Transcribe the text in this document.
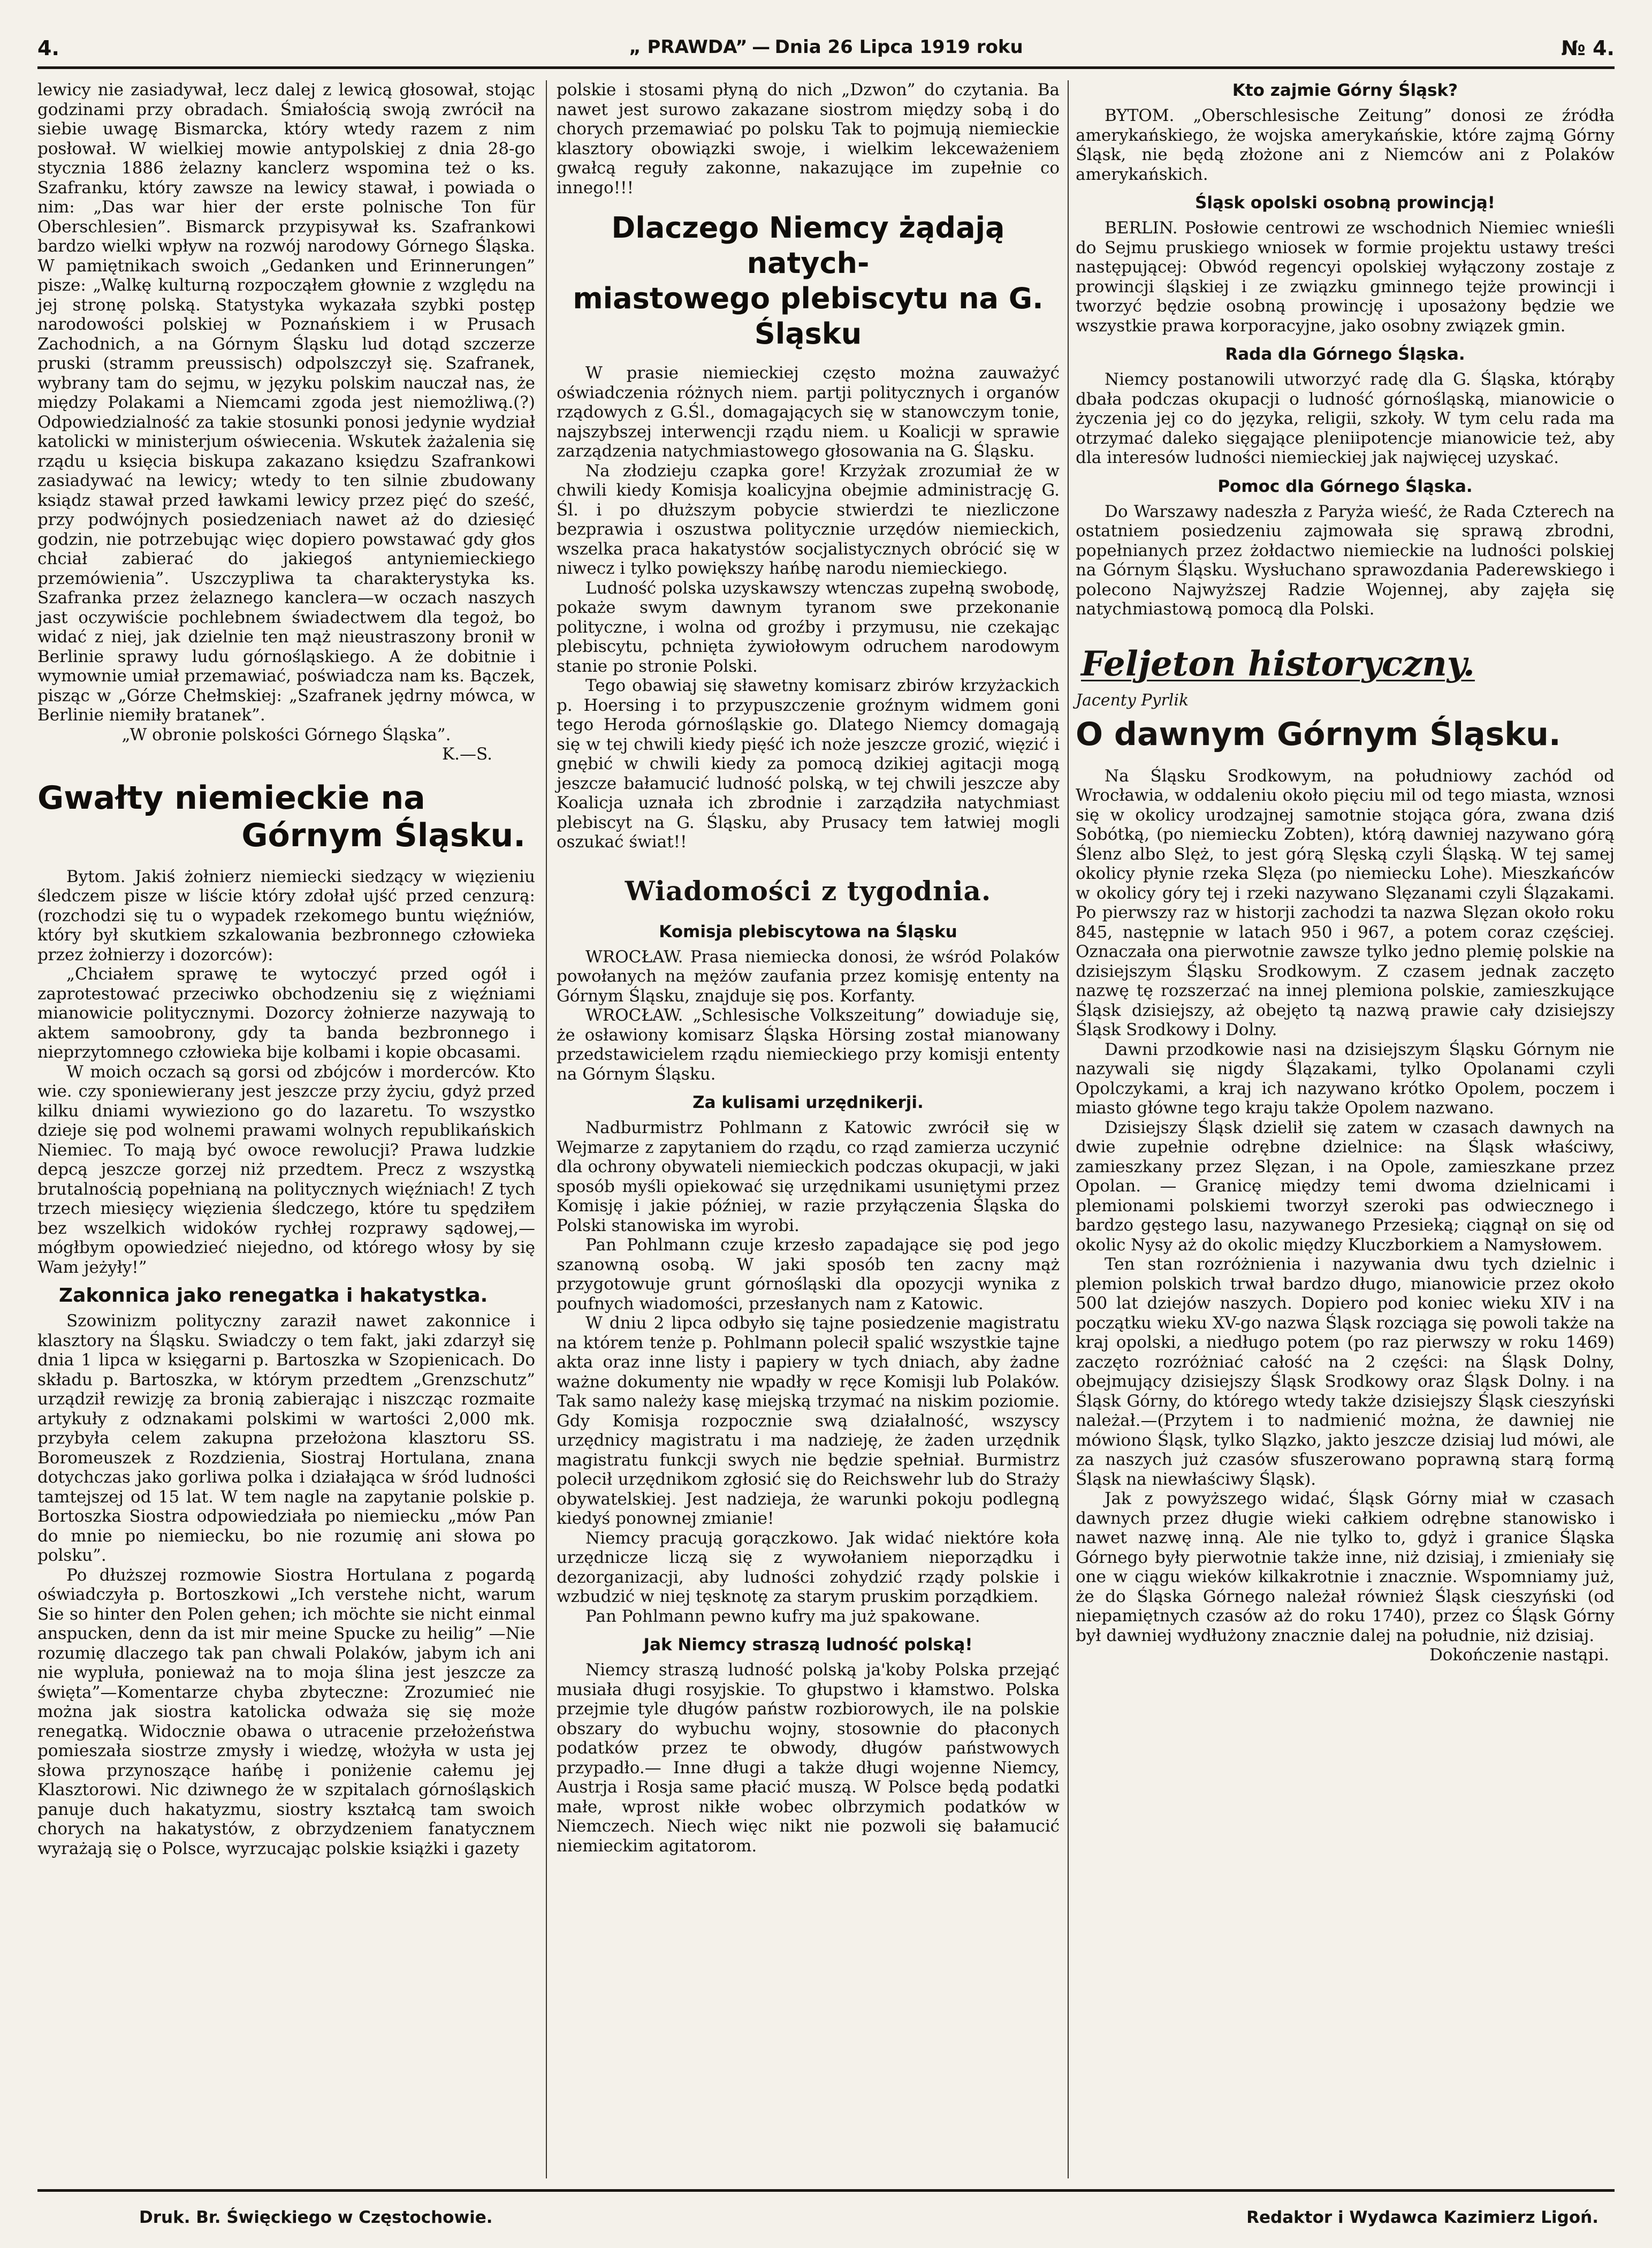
4.	„ PRAWDA” — Dnia 26 Lipca 1919 roku	№ 4.

lewicy nie zasiadywał, lecz dalej z lewicą głosował, stojąc godzinami przy obradach. Śmiałością swoją zwrócił na siebie uwagę Bismarcka, który wtedy razem z nim posłował. W wielkiej mowie antypolskiej z dnia 28-go stycznia 1886 żelazny kanclerz wspomina też o ks. Szafranku, który zawsze na lewicy stawał, i powiada o nim: „Das war hier der erste polnische Ton für Oberschlesien”. Bismarck przypisywał ks. Szafrankowi bardzo wielki wpływ na rozwój narodowy Górnego Śląska. W pamiętnikach swoich „Gedanken und Erinnerungen” pisze: „Walkę kulturną rozpocząłem głownie z względu na jej stronę polską. Statystyka wykazała szybki postęp narodowości polskiej w Poznańskiem i w Prusach Zachodnich, a na Górnym Śląsku lud dotąd szczerze pruski (stramm preussisch) odpolszczył się. Szafranek, wybrany tam do sejmu, w języku polskim nauczał nas, że między Polakami a Niemcami zgoda jest niemożliwą.(?) Odpowiedzialność za takie stosunki ponosi jedynie wydział katolicki w ministerjum oświecenia. Wskutek żażalenia się rządu u księcia biskupa zakazano księdzu Szafrankowi zasiadywać na lewicy; wtedy to ten silnie zbudowany ksiądz stawał przed ławkami lewicy przez pięć do sześć, przy podwójnych posiedzeniach nawet aż do dziesięć godzin, nie potrzebując więc dopiero powstawać gdy głos chciał zabierać do jakiegoś antyniemieckiego przemówienia”. Uszczypliwa ta charakterystyka ks. Szafranka przez żelaznego kanclera—w oczach naszych jast oczywiście pochlebnem świadectwem dla tegoż, bo widać z niej, jak dzielnie ten mąż nieustraszony bronił w Berlinie sprawy ludu górnośląskiego. A że dobitnie i wymownie umiał przemawiać, poświadcza nam ks. Bączek, pisząc w „Górze Chełmskiej: „Szafranek jędrny mówca, w Berlinie niemiły bratanek”.

„W obronie polskości Górnego Śląska”.

K.—S.

Gwałty niemieckie na
Górnym Śląsku.

Bytom. Jakiś żołnierz niemiecki siedzący w więzieniu śledczem pisze w liście który zdołał ujść przed cenzurą: (rozchodzi się tu o wypadek rzekomego buntu więźniów, który był skutkiem szkalowania bezbronnego człowieka przez żołnierzy i dozorców):

„Chciałem sprawę te wytoczyć przed ogół i zaprotestować przeciwko obchodzeniu się z więźniami mianowicie politycznymi. Dozorcy żołnierze nazywają to aktem samoobrony, gdy ta banda bezbronnego i nieprzytomnego człowieka bije kolbami i kopie obcasami.

W moich oczach są gorsi od zbójców i morderców. Kto wie. czy sponiewierany jest jeszcze przy życiu, gdyż przed kilku dniami wywieziono go do lazaretu. To wszystko dzieje się pod wolnemi prawami wolnych republikańskich Niemiec. To mają być owoce rewolucji? Prawa ludzkie depcą jeszcze gorzej niż przedtem. Precz z wszystką brutalnością popełnianą na politycznych więźniach! Z tych trzech miesięcy więzienia śledczego, które tu spędziłem bez wszelkich widoków rychłej rozprawy sądowej,—mógłbym opowiedzieć niejedno, od którego włosy by się Wam jeżyły!”

Zakonnica jako renegatka i hakatystka.

Szowinizm polityczny zaraził nawet zakonnice i klasztory na Śląsku. Swiadczy o tem fakt, jaki zdarzył się dnia 1 lipca w księgarni p. Bartoszka w Szopienicach. Do składu p. Bartoszka, w którym przedtem „Grenzschutz” urządził rewizję za bronią zabierając i niszcząc rozmaite artykuły z odznakami polskimi w wartości 2,000 mk. przybyła celem zakupna przełożona klasztoru SS. Boromeuszek z Rozdzienia, Siostraj Hortulana, znana dotychczas jako gorliwa polka i działająca w śród ludności tamtejszej od 15 lat. W tem nagle na zapytanie polskie p. Bortoszka Siostra odpowiedziała po niemiecku „mów Pan do mnie po niemiecku, bo nie rozumię ani słowa po polsku”.

Po dłuższej rozmowie Siostra Hortulana z pogardą oświadczyła p. Bortoszkowi „Ich verstehe nicht, warum Sie so hinter den Polen gehen; ich möchte sie nicht einmal anspucken, denn da ist mir meine Spucke zu heilig” —Nie rozumię dlaczego tak pan chwali Polaków, jabym ich ani nie wypluła, ponieważ na to moja ślina jest jeszcze za święta”—Komentarze chyba zbyteczne: Zrozumieć nie można jak siostra katolicka odważa się się może renegatką. Widocznie obawa o utracenie przełożeństwa pomieszała siostrze zmysły i wiedzę, włożyła w usta jej słowa przynoszące hańbę i poniżenie całemu jej Klasztorowi. Nic dziwnego że w szpitalach górnośląskich panuje duch hakatyzmu, siostry kształcą tam swoich chorych na hakatystów, z obrzydzeniem fanatycznem wyrażają się o Polsce, wyrzucając polskie książki i gazety

polskie i stosami płyną do nich „Dzwon” do czytania. Ba nawet jest surowo zakazane siostrom między sobą i do chorych przemawiać po polsku Tak to pojmują niemieckie klasztory obowiązki swoje, i wielkim lekceważeniem gwałcą reguły zakonne, nakazujące im zupełnie co innego!!!

Dlaczego Niemcy żądają natych-
miastowego plebiscytu na G. Śląsku

W prasie niemieckiej często można zauważyć oświadczenia różnych niem. partji politycznych i organów rządowych z G.Śl., domagających się w stanowczym tonie, najszybszej interwencji rządu niem. u Koalicji w sprawie zarządzenia natychmiastowego głosowania na G. Śląsku.

Na złodzieju czapka gore! Krzyżak zrozumiał że w chwili kiedy Komisja koalicyjna obejmie administrację G. Śl. i po dłuższym pobycie stwierdzi te niezliczone bezprawia i oszustwa politycznie urzędów niemieckich, wszelka praca hakatystów socjalistycznych obrócić się w niwecz i tylko powiększy hańbę narodu niemieckiego.

Ludność polska uzyskawszy wtenczas zupełną swobodę, pokaże swym dawnym tyranom swe przekonanie polityczne, i wolna od groźby i przymusu, nie czekając plebiscytu, pchnięta żywiołowym odruchem narodowym stanie po stronie Polski.

Tego obawiaj się sławetny komisarz zbirów krzyżackich p. Hoersing i to przypuszczenie groźnym widmem goni tego Heroda górnośląskie go. Dlatego Niemcy domagają się w tej chwili kiedy pięść ich noże jeszcze grozić, więzić i gnębić w chwili kiedy za pomocą dzikiej agitacji mogą jeszcze bałamucić ludność polską, w tej chwili jeszcze aby Koalicja uznała ich zbrodnie i zarządziła natychmiast plebiscyt na G. Śląsku, aby Prusacy tem łatwiej mogli oszukać świat!!

Wiadomości z tygodnia.
Komisja plebiscytowa na Śląsku

WROCŁAW. Prasa niemiecka donosi, że wśród Polaków powołanych na mężów zaufania przez komisję ententy na Górnym Śląsku, znajduje się pos. Korfanty.

WROCŁAW. „Schlesische Volkszeitung” dowiaduje się, że osławiony komisarz Śląska Hörsing został mianowany przedstawicielem rządu niemieckiego przy komisji ententy na Górnym Śląsku.

Za kulisami urzędnikerji.

Nadburmistrz Pohlmann z Katowic zwrócił się w Wejmarze z zapytaniem do rządu, co rząd zamierza uczynić dla ochrony obywateli niemieckich podczas okupacji, w jaki sposób myśli opiekować się urzędnikami usuniętymi przez Komisję i jakie później, w razie przyłączenia Śląska do Polski stanowiska im wyrobi.

Pan Pohlmann czuje krzesło zapadające się pod jego szanowną osobą. W jaki sposób ten zacny mąż przygotowuje grunt górnośląski dla opozycji wynika z poufnych wiadomości, przesłanych nam z Katowic.

W dniu 2 lipca odbyło się tajne posiedzenie magistratu na którem tenże p. Pohlmann polecił spalić wszystkie tajne akta oraz inne listy i papiery w tych dniach, aby żadne ważne dokumenty nie wpadły w ręce Komisji lub Polaków. Tak samo należy kasę miejską trzymać na niskim poziomie. Gdy Komisja rozpocznie swą działalność, wszyscy urzędnicy magistratu i ma nadzieję, że żaden urzędnik magistratu funkcji swych nie będzie spełniał. Burmistrz polecił urzędnikom zgłosić się do Reichswehr lub do Straży obywatelskiej. Jest nadzieja, że warunki pokoju podlegną kiedyś ponownej zmianie!

Niemcy pracują gorączkowo. Jak widać niektóre koła urzędnicze liczą się z wywołaniem nieporządku i dezorganizacji, aby ludności zohydzić rządy polskie i wzbudzić w niej tęsknotę za starym pruskim porządkiem.

Pan Pohlmann pewno kufry ma już spakowane.

Jak Niemcy straszą ludność polską!

Niemcy straszą ludność polską ja'koby Polska przejąć musiała długi rosyjskie. To głupstwo i kłamstwo. Polska przejmie tyle długów państw rozbiorowych, ile na polskie obszary do wybuchu wojny, stosownie do płaconych podatków przez te obwody, długów państwowych przypadło.— Inne długi a także długi wojenne Niemcy, Austrja i Rosja same płacić muszą. W Polsce będą podatki małe, wprost nikłe wobec olbrzymich podatków w Niemczech. Niech więc nikt nie pozwoli się bałamucić niemieckim agitatorom.

Kto zajmie Górny Śląsk?

BYTOM. „Oberschlesische Zeitung” donosi ze źródła amerykańskiego, że wojska amerykańskie, które zajmą Górny Śląsk, nie będą złożone ani z Niemców ani z Polaków amerykańskich.

Śląsk opolski osobną prowincją!

BERLIN. Posłowie centrowi ze wschodnich Niemiec wnieśli do Sejmu pruskiego wniosek w formie projektu ustawy treści następującej: Obwód regencyi opolskiej wyłączony zostaje z prowincji śląskiej i ze związku gminnego tejże prowincji i tworzyć będzie osobną prowincję i uposażony będzie we wszystkie prawa korporacyjne, jako osobny związek gmin.

Rada dla Górnego Śląska.

Niemcy postanowili utworzyć radę dla G. Śląska, którąby dbała podczas okupacji o ludność górnośląską, mianowicie o życzenia jej co do języka, religii, szkoły. W tym celu rada ma otrzymać daleko sięgające pleniipotencje mianowicie też, aby dla interesów ludności niemieckiej jak najwięcej uzyskać.

Pomoc dla Górnego Śląska.

Do Warszawy nadeszła z Paryża wieść, że Rada Czterech na ostatniem posiedzeniu zajmowała się sprawą zbrodni, popełnianych przez żołdactwo niemieckie na ludności polskiej na Górnym Śląsku. Wysłuchano sprawozdania Paderewskiego i polecono Najwyższej Radzie Wojennej, aby zajęła się natychmiastową pomocą dla Polski.

Feljeton historyczny.
Jacenty Pyrlik
O dawnym Górnym Śląsku.

Na Śląsku Srodkowym, na południowy zachód od Wrocławia, w oddaleniu około pięciu mil od tego miasta, wznosi się w okolicy urodzajnej samotnie stojąca góra, zwana dziś Sobótką, (po niemiecku Zobten), którą dawniej nazywano górą Ślenz albo Slęż, to jest górą Slęską czyli Śląską. W tej samej okolicy płynie rzeka Slęza (po niemiecku Lohe). Mieszkańców w okolicy góry tej i rzeki nazywano Slęzanami czyli Ślązakami. Po pierwszy raz w historji zachodzi ta nazwa Slęzan około roku 845, następnie w latach 950 i 967, a potem coraz częściej. Oznaczała ona pierwotnie zawsze tylko jedno plemię polskie na dzisiejszym Śląsku Srodkowym. Z czasem jednak zaczęto nazwę tę rozszerzać na innej plemiona polskie, zamieszkujące Śląsk dzisiejszy, aż obejęto tą nazwą prawie cały dzisiejszy Śląsk Srodkowy i Dolny.

Dawni przodkowie nasi na dzisiejszym Śląsku Górnym nie nazywali się nigdy Ślązakami, tylko Opolanami czyli Opolczykami, a kraj ich nazywano krótko Opolem, poczem i miasto główne tego kraju także Opolem nazwano.

Dzisiejszy Śląsk dzielił się zatem w czasach dawnych na dwie zupełnie odrębne dzielnice: na Śląsk właściwy, zamieszkany przez Slęzan, i na Opole, zamieszkane przez Opolan. — Granicę między temi dwoma dzielnicami i plemionami polskiemi tworzył szeroki pas odwiecznego i bardzo gęstego lasu, nazywanego Przesieką; ciągnął on się od okolic Nysy aż do okolic między Kluczborkiem a Namysłowem.

Ten stan rozróżnienia i nazywania dwu tych dzielnic i plemion polskich trwał bardzo długo, mianowicie przez około 500 lat dziejów naszych. Dopiero pod koniec wieku XIV i na początku wieku XV-go nazwa Śląsk rozciąga się powoli także na kraj opolski, a niedługo potem (po raz pierwszy w roku 1469) zaczęto rozróżniać całość na 2 części: na Śląsk Dolny, obejmujący dzisiejszy Śląsk Srodkowy oraz Śląsk Dolny. i na Śląsk Górny, do którego wtedy także dzisiejszy Śląsk cieszyński należał.—(Przytem i to nadmienić można, że dawniej nie mówiono Śląsk, tylko Slązko, jakto jeszcze dzisiaj lud mówi, ale za naszych już czasów sfuszerowano poprawną starą formą Śląsk na niewłaściwy Śląsk).

Jak z powyższego widać, Śląsk Górny miał w czasach dawnych przez długie wieki całkiem odrębne stanowisko i nawet nazwę inną. Ale nie tylko to, gdyż i granice Śląska Górnego były pierwotnie także inne, niż dzisiaj, i zmieniały się one w ciągu wieków kilkakrotnie i znacznie. Wspomniamy już, że do Śląska Górnego należał również Śląsk cieszyński (od niepamiętnych czasów aż do roku 1740), przez co Śląsk Górny był dawniej wydłużony znacznie dalej na południe, niż dzisiaj.

Dokończenie nastąpi.

Druk. Br. Święckiego w Częstochowie.	Redaktor i Wydawca Kazimierz Ligoń.
